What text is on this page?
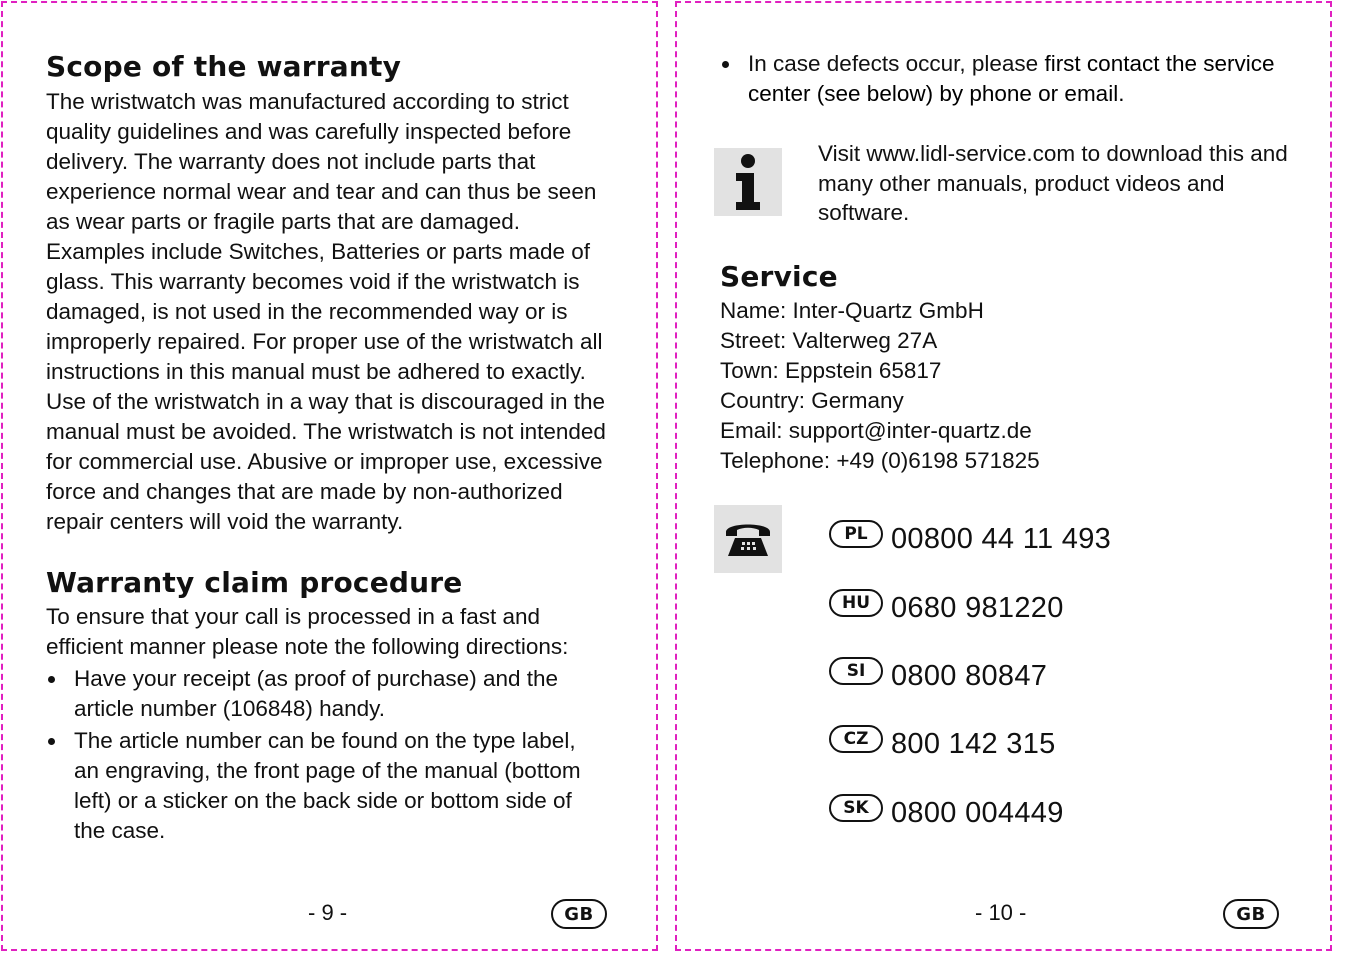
Scope of the warranty

The wristwatch was manufactured according to strict quality guidelines and was carefully inspected before delivery. The warranty does not include parts that experience normal wear and tear and can thus be seen as wear parts or fragile parts that are damaged. Examples include Switches, Batteries or parts made of glass. This warranty becomes void if the wristwatch is damaged, is not used in the recommended way or is improperly repaired. For proper use of the wristwatch all instructions in this manual must be adhered to exactly. Use of the wristwatch in a way that is discouraged in the manual must be avoided. The wristwatch is not intended for commercial use. Abusive or improper use, excessive force and changes that are made by non-authorized repair centers will void the warranty.

Warranty claim procedure

To ensure that your call is processed in a fast and efficient manner please note the following directions:

Have your receipt (as proof of purchase) and the article number (106848) handy.
The article number can be found on the type label, an engraving, the front page of the manual (bottom left) or a sticker on the back side or bottom side of the case.
- 9 -	GB
In case defects occur, please first contact the service center (see below) by phone or email.

Visit www.lidl-service.com to download this and many other manuals, product videos and software.

Service
Name: Inter-Quartz GmbH
Street: Valterweg 27A
Town: Eppstein 65817
Country: Germany
Email: support@inter-quartz.de
Telephone: +49 (0)6198 571825
PL 00800 44 11 493
HU 0680 981220
SI 0800 80847
CZ 800 142 315
SK 0800 004449
- 10 -	GB
